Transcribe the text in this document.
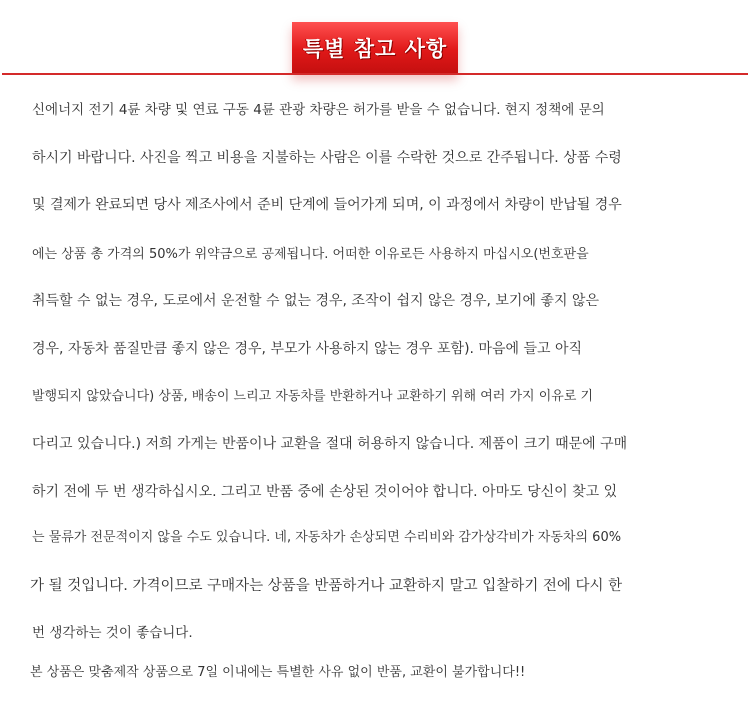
특별 참고 사항
신에너지 전기 4륜 차량 및 연료 구동 4륜 관광 차량은 허가를 받을 수 없습니다. 현지 정책에 문의
하시기 바랍니다. 사진을 찍고 비용을 지불하는 사람은 이를 수락한 것으로 간주됩니다. 상품 수령
및 결제가 완료되면 당사 제조사에서 준비 단계에 들어가게 되며, 이 과정에서 차량이 반납될 경우
에는 상품 총 가격의 50%가 위약금으로 공제됩니다. 어떠한 이유로든 사용하지 마십시오(번호판을
취득할 수 없는 경우, 도로에서 운전할 수 없는 경우, 조작이 쉽지 않은 경우, 보기에 좋지 않은
경우, 자동차 품질만큼 좋지 않은 경우, 부모가 사용하지 않는 경우 포함). 마음에 들고 아직
발행되지 않았습니다) 상품, 배송이 느리고 자동차를 반환하거나 교환하기 위해 여러 가지 이유로 기
다리고 있습니다.) 저희 가게는 반품이나 교환을 절대 허용하지 않습니다. 제품이 크기 때문에 구매
하기 전에 두 번 생각하십시오. 그리고 반품 중에 손상된 것이어야 합니다. 아마도 당신이 찾고 있
는 물류가 전문적이지 않을 수도 있습니다. 네, 자동차가 손상되면 수리비와 감가상각비가 자동차의 60%
가 될 것입니다. 가격이므로 구매자는 상품을 반품하거나 교환하지 말고 입찰하기 전에 다시 한
번 생각하는 것이 좋습니다.
본 상품은 맞춤제작 상품으로 7일 이내에는 특별한 사유 없이 반품, 교환이 불가합니다!!
